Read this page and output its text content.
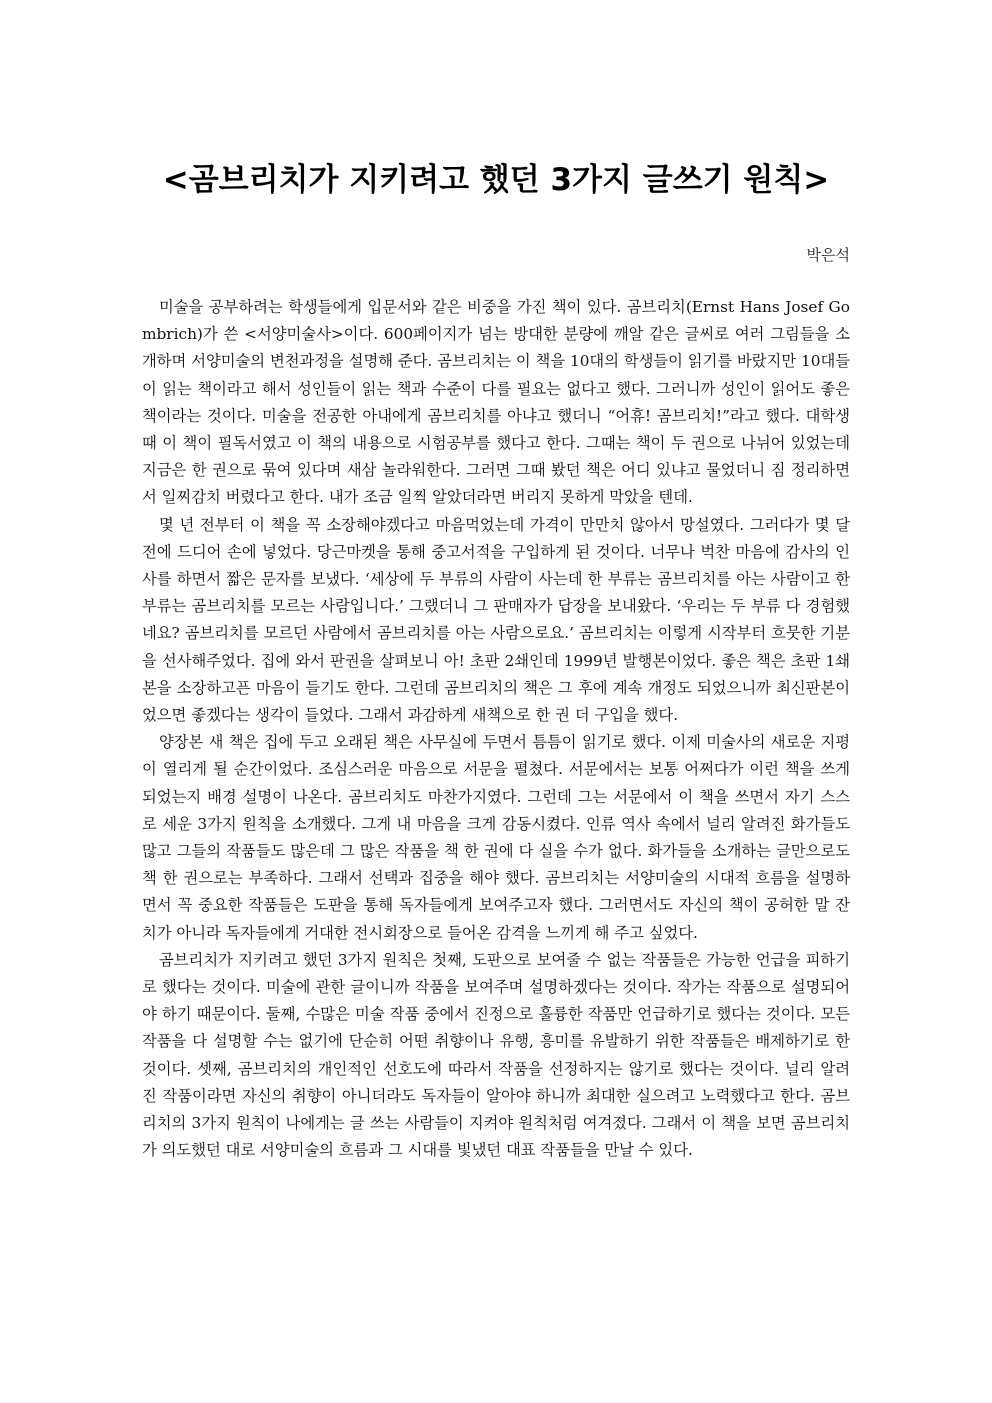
<곰브리치가 지키려고 했던 3가지 글쓰기 원칙>
박은석

미술을 공부하려는 학생들에게 입문서와 같은 비중을 가진 책이 있다. 곰브리치(Ernst Hans Josef Gombrich)가 쓴 <서양미술사>이다. 600페이지가 넘는 방대한 분량에 깨알 같은 글씨로 여러 그림들을 소개하며 서양미술의 변천과정을 설명해 준다. 곰브리치는 이 책을 10대의 학생들이 읽기를 바랐지만 10대들이 읽는 책이라고 해서 성인들이 읽는 책과 수준이 다를 필요는 없다고 했다. 그러니까 성인이 읽어도 좋은 책이라는 것이다. 미술을 전공한 아내에게 곰브리치를 아냐고 했더니 “어휴! 곰브리치!”라고 했다. 대학생 때 이 책이 필독서였고 이 책의 내용으로 시험공부를 했다고 한다. 그때는 책이 두 권으로 나뉘어 있었는데 지금은 한 권으로 묶여 있다며 새삼 놀라워한다. 그러면 그때 봤던 책은 어디 있냐고 물었더니 짐 정리하면서 일찌감치 버렸다고 한다. 내가 조금 일찍 알았더라면 버리지 못하게 막았을 텐데.

몇 년 전부터 이 책을 꼭 소장해야겠다고 마음먹었는데 가격이 만만치 않아서 망설였다. 그러다가 몇 달 전에 드디어 손에 넣었다. 당근마켓을 통해 중고서적을 구입하게 된 것이다. 너무나 벅찬 마음에 감사의 인사를 하면서 짧은 문자를 보냈다. ‘세상에 두 부류의 사람이 사는데 한 부류는 곰브리치를 아는 사람이고 한 부류는 곰브리치를 모르는 사람입니다.’ 그랬더니 그 판매자가 답장을 보내왔다. ‘우리는 두 부류 다 경험했네요? 곰브리치를 모르던 사람에서 곰브리치를 아는 사람으로요.’ 곰브리치는 이렇게 시작부터 흐뭇한 기분을 선사해주었다. 집에 와서 판권을 살펴보니 아! 초판 2쇄인데 1999년 발행본이었다. 좋은 책은 초판 1쇄본을 소장하고픈 마음이 들기도 한다. 그런데 곰브리치의 책은 그 후에 계속 개정도 되었으니까 최신판본이었으면 좋겠다는 생각이 들었다. 그래서 과감하게 새책으로 한 권 더 구입을 했다.

양장본 새 책은 집에 두고 오래된 책은 사무실에 두면서 틈틈이 읽기로 했다. 이제 미술사의 새로운 지평이 열리게 될 순간이었다. 조심스러운 마음으로 서문을 펼쳤다. 서문에서는 보통 어쩌다가 이런 책을 쓰게 되었는지 배경 설명이 나온다. 곰브리치도 마찬가지였다. 그런데 그는 서문에서 이 책을 쓰면서 자기 스스로 세운 3가지 원칙을 소개했다. 그게 내 마음을 크게 감동시켰다. 인류 역사 속에서 널리 알려진 화가들도 많고 그들의 작품들도 많은데 그 많은 작품을 책 한 권에 다 실을 수가 없다. 화가들을 소개하는 글만으로도 책 한 권으로는 부족하다. 그래서 선택과 집중을 해야 했다. 곰브리치는 서양미술의 시대적 흐름을 설명하면서 꼭 중요한 작품들은 도판을 통해 독자들에게 보여주고자 했다. 그러면서도 자신의 책이 공허한 말 잔치가 아니라 독자들에게 거대한 전시회장으로 들어온 감격을 느끼게 해 주고 싶었다.

곰브리치가 지키려고 했던 3가지 원칙은 첫째, 도판으로 보여줄 수 없는 작품들은 가능한 언급을 피하기로 했다는 것이다. 미술에 관한 글이니까 작품을 보여주며 설명하겠다는 것이다. 작가는 작품으로 설명되어야 하기 때문이다. 둘째, 수많은 미술 작품 중에서 진정으로 훌륭한 작품만 언급하기로 했다는 것이다. 모든 작품을 다 설명할 수는 없기에 단순히 어떤 취향이나 유행, 흥미를 유발하기 위한 작품들은 배제하기로 한 것이다. 셋째, 곰브리치의 개인적인 선호도에 따라서 작품을 선정하지는 않기로 했다는 것이다. 널리 알려진 작품이라면 자신의 취향이 아니더라도 독자들이 알아야 하니까 최대한 실으려고 노력했다고 한다. 곰브리치의 3가지 원칙이 나에게는 글 쓰는 사람들이 지켜야 원칙처럼 여겨졌다. 그래서 이 책을 보면 곰브리치가 의도했던 대로 서양미술의 흐름과 그 시대를 빛냈던 대표 작품들을 만날 수 있다.
